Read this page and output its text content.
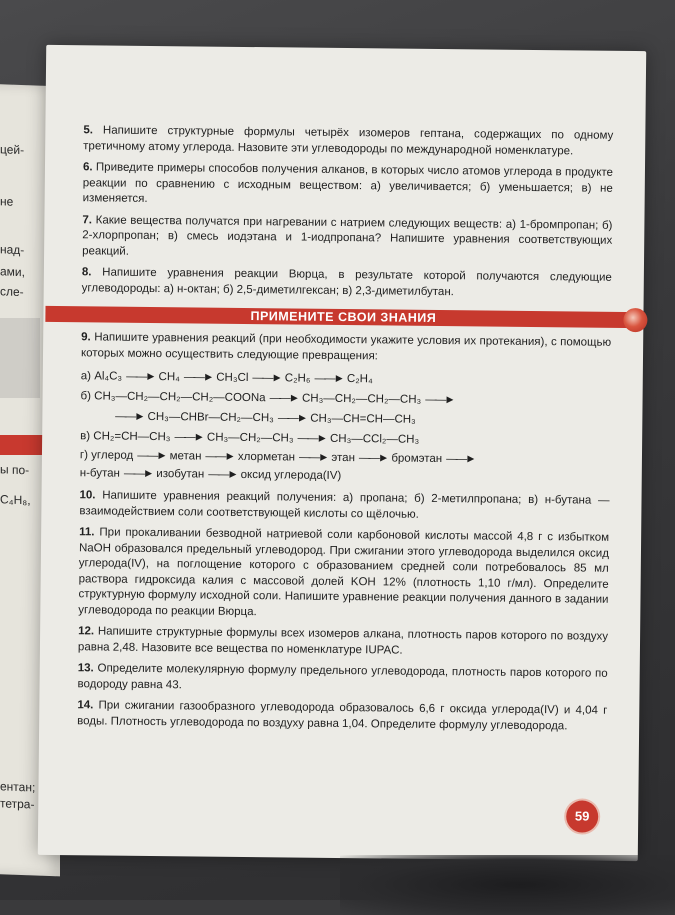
цей-
не
над-
ами,
сле-
ы по-
C₄H₈,
ентан;
тетра-

5. Напишите структурные формулы четырёх изомеров гептана, содержащих по одному третичному атому углерода. Назовите эти углеводороды по международной номенклатуре.

6. Приведите примеры способов получения алканов, в которых число атомов углерода в продукте реакции по сравнению с исходным веществом: а) увеличивается; б) уменьшается; в) не изменяется.

7. Какие вещества получатся при нагревании с натрием следующих веществ: а) 1-бромпропан; б) 2-хлорпропан; в) смесь иодэтана и 1-иодпропана? Напишите уравнения соответствующих реакций.

8. Напишите уравнения реакции Вюрца, в результате которой получаются следующие углеводороды: а) н-октан; б) 2,5-диметилгексан; в) 2,3-диметилбутан.

ПРИМЕНИТЕ СВОИ ЗНАНИЯ

9. Напишите уравнения реакций (при необходимости укажите условия их протекания), с помощью которых можно осуществить следующие превращения:

а) Al₄C₃ ——► CH₄ ——► CH₃Cl ——► C₂H₆ ——► C₂H₄
б) CH₃—CH₂—CH₂—CH₂—COONa ——► CH₃—CH₂—CH₂—CH₃ ——►
——► CH₃—CHBr—CH₂—CH₃ ——► CH₃—CH=CH—CH₃
в) CH₂=CH—CH₃ ——► CH₃—CH₂—CH₃ ——► CH₃—CCl₂—CH₃
г) углерод ——► метан ——► хлорметан ——► этан ——► бромэтан ——►
н-бутан ——► изобутан ——► оксид углерода(IV)

10. Напишите уравнения реакций получения: а) пропана; б) 2-метилпропана; в) н-бутана — взаимодействием соли соответствующей кислоты со щёлочью.

11. При прокаливании безводной натриевой соли карбоновой кислоты массой 4,8 г с избытком NaOH образовался предельный углеводород. При сжигании этого углеводорода выделился оксид углерода(IV), на поглощение которого с образованием средней соли потребовалось 85 мл раствора гидроксида калия с массовой долей KOH 12% (плотность 1,10 г/мл). Определите структурную формулу исходной соли. Напишите уравнение реакции получения данного в задании углеводорода по реакции Вюрца.

12. Напишите структурные формулы всех изомеров алкана, плотность паров которого по воздуху равна 2,48. Назовите все вещества по номенклатуре IUPAC.

13. Определите молекулярную формулу предельного углеводорода, плотность паров которого по водороду равна 43.

14. При сжигании газообразного углеводорода образовалось 6,6 г оксида углерода(IV) и 4,04 г воды. Плотность углеводорода по воздуху равна 1,04. Определите формулу углеводорода.

59
